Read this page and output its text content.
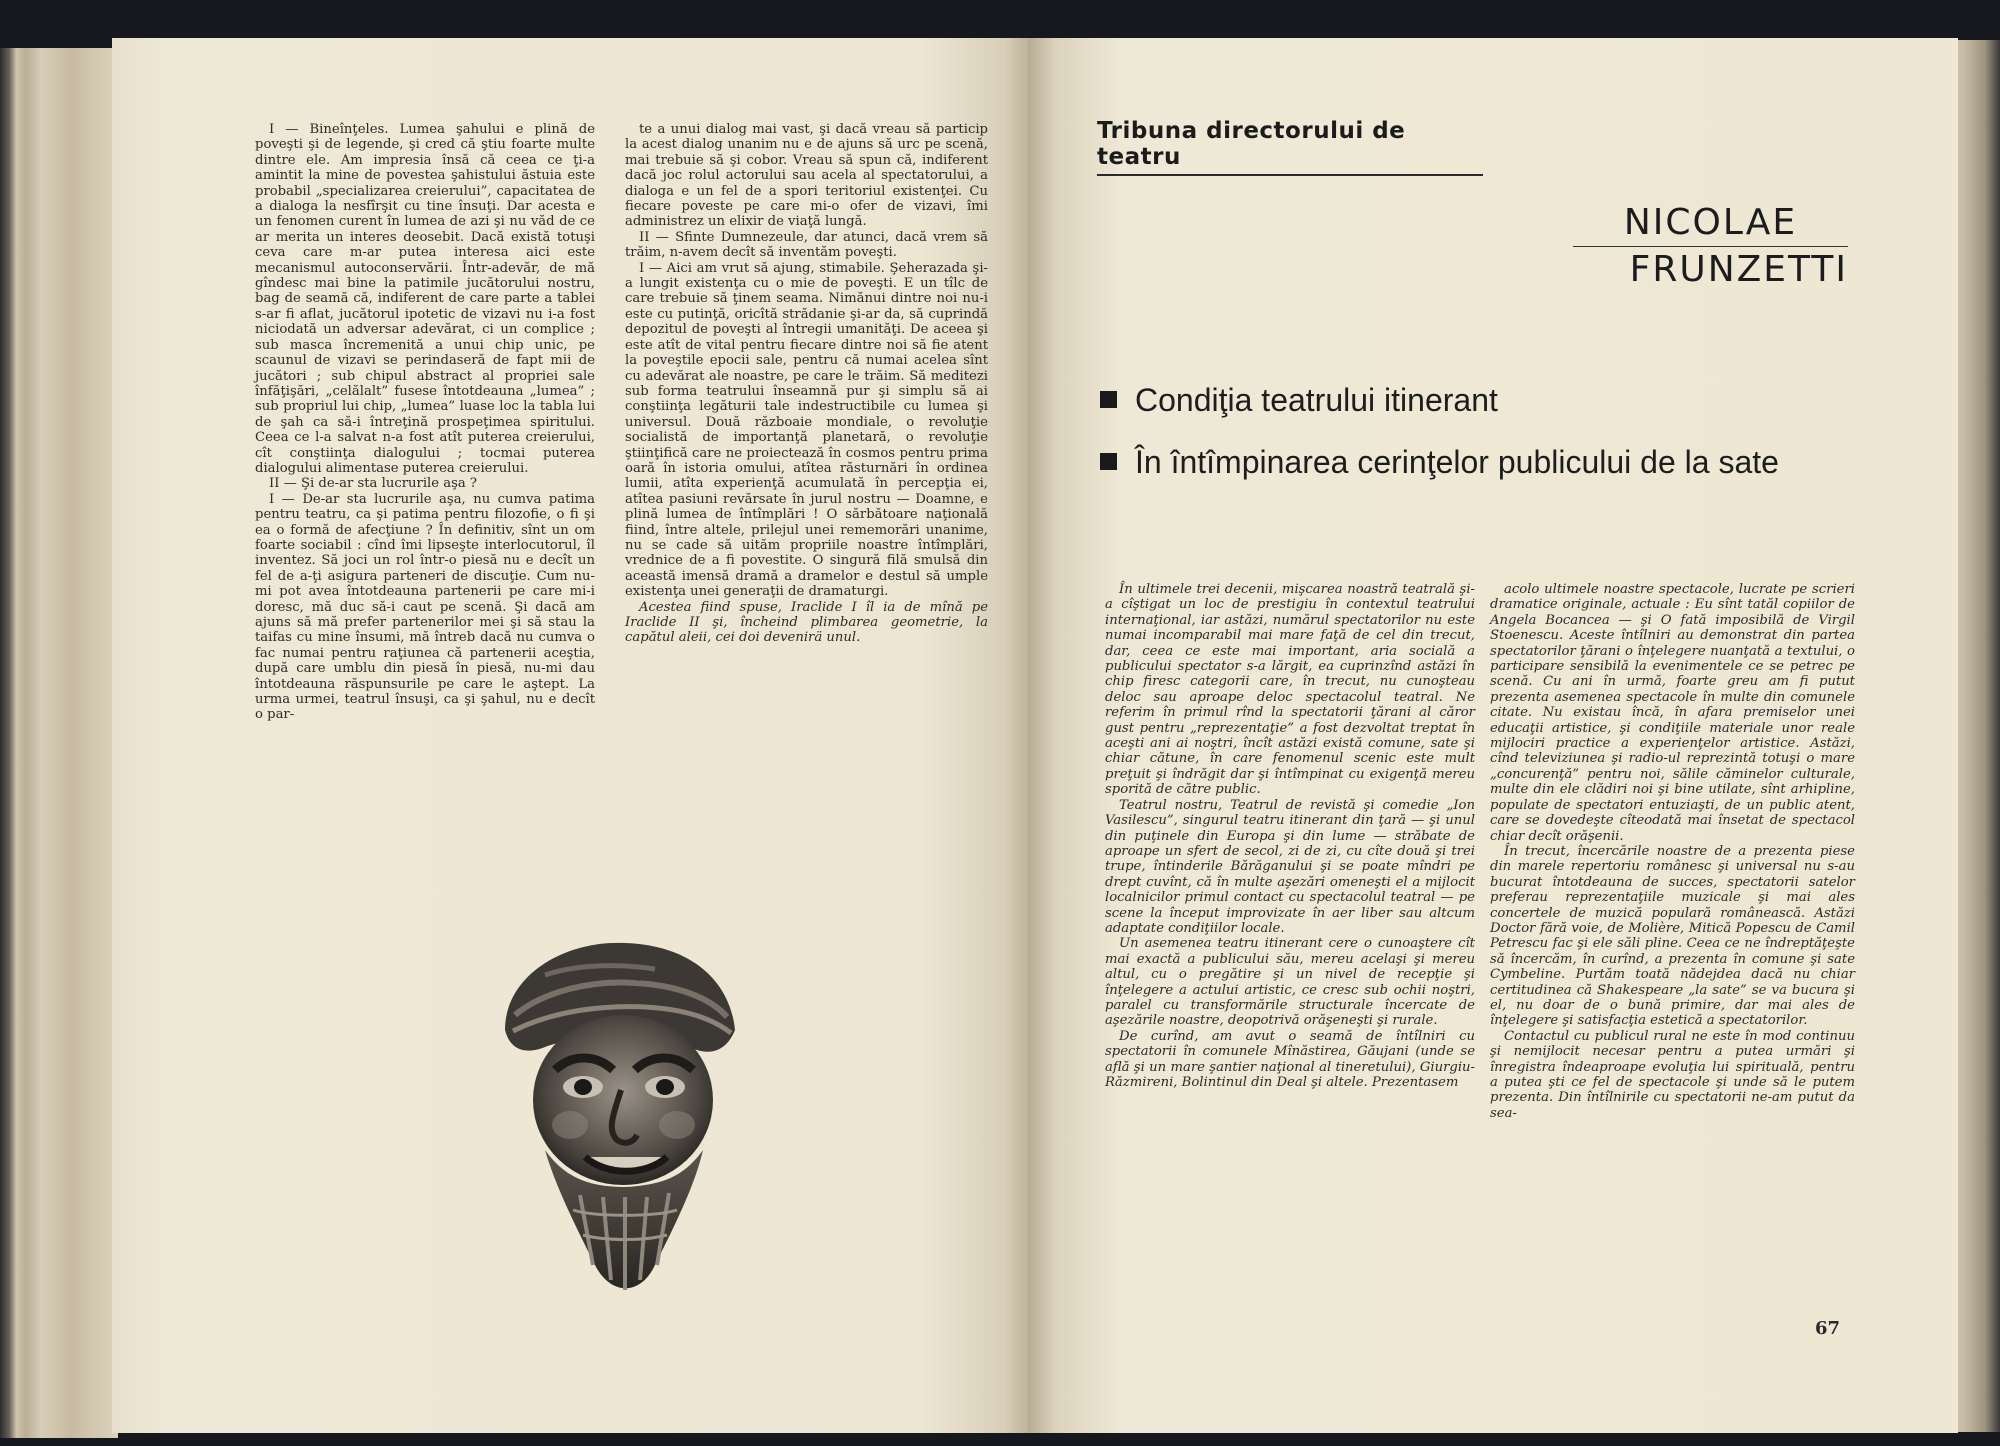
I — Bineînţeles. Lumea şahului e plină de poveşti şi de legende, şi cred că ştiu foarte multe dintre ele. Am impresia însă că ceea ce ţi-a amintit la mine de povestea şahistului ăstuia este probabil „specializarea creierului”, capacitatea de a dialoga la nesfîrşit cu tine însuţi. Dar acesta e un fenomen curent în lumea de azi şi nu văd de ce ar merita un interes deosebit. Dacă există totuşi ceva care m-ar putea interesa aici este mecanismul autoconservării. Într-adevăr, de mă gîndesc mai bine la patimile jucătorului nostru, bag de seamă că, indiferent de care parte a tablei s-ar fi aflat, jucătorul ipotetic de vizavi nu i-a fost niciodată un adversar adevărat, ci un complice ; sub masca încremenită a unui chip unic, pe scaunul de vizavi se perindaseră de fapt mii de jucători ; sub chipul abstract al propriei sale înfăţişări, „celălalt” fusese întotdeauna „lumea” ; sub propriul lui chip, „lumea” luase loc la tabla lui de şah ca să-i întreţină prospeţimea spiritului. Ceea ce l-a salvat n-a fost atît puterea creierului, cît conştiinţa dialogului ; tocmai puterea dialogului alimentase puterea creierului.

II — Şi de-ar sta lucrurile aşa ?

I — De-ar sta lucrurile aşa, nu cumva patima pentru teatru, ca şi patima pentru filozofie, o fi şi ea o formă de afecţiune ? În definitiv, sînt un om foarte sociabil : cînd îmi lipseşte interlocutorul, îl inventez. Să joci un rol într-o piesă nu e decît un fel de a-ţi asigura parteneri de discuţie. Cum nu-mi pot avea întotdeauna partenerii pe care mi-i doresc, mă duc să-i caut pe scenă. Şi dacă am ajuns să mă prefer partenerilor mei şi să stau la taifas cu mine însumi, mă întreb dacă nu cumva o fac numai pentru raţiunea că partenerii aceştia, după care umblu din piesă în piesă, nu-mi dau întotdeauna răspunsurile pe care le aştept. La urma urmei, teatrul însuşi, ca şi şahul, nu e decît o par-

te a unui dialog mai vast, şi dacă vreau să particip la acest dialog unanim nu e de ajuns să urc pe scenă, mai trebuie să şi cobor. Vreau să spun că, indiferent dacă joc rolul actorului sau acela al spectatorului, a dialoga e un fel de a spori teritoriul existenţei. Cu fiecare poveste pe care mi-o ofer de vizavi, îmi administrez un elixir de viaţă lungă.

II — Sfinte Dumnezeule, dar atunci, dacă vrem să trăim, n-avem decît să inventăm poveşti.

I — Aici am vrut să ajung, stimabile. Şeherazada şi-a lungit existenţa cu o mie de poveşti. E un tîlc de care trebuie să ţinem seama. Nimănui dintre noi nu-i este cu putinţă, oricîtă strădanie şi-ar da, să cuprindă depozitul de poveşti al întregii umanităţi. De aceea şi este atît de vital pentru fiecare dintre noi să fie atent la poveştile epocii sale, pentru că numai acelea sînt cu adevărat ale noastre, pe care le trăim. Să meditezi sub forma teatrului înseamnă pur şi simplu să ai conştiinţa legăturii tale indestructibile cu lumea şi universul. Două războaie mondiale, o revoluţie socialistă de importanţă planetară, o revoluţie ştiinţifică care ne proiectează în cosmos pentru prima oară în istoria omului, atîtea răsturnări în ordinea lumii, atîta experienţă acumulată în percepţia ei, atîtea pasiuni revărsate în jurul nostru — Doamne, e plină lumea de întîmplări ! O sărbătoare naţională fiind, între altele, prilejul unei rememorări unanime, nu se cade să uităm propriile noastre întîmplări, vrednice de a fi povestite. O singură filă smulsă din această imensă dramă a dramelor e destul să umple existenţa unei generaţii de dramaturgi.

Acestea fiind spuse, Iraclide I îl ia de mînă pe Iraclide II şi, încheind plimbarea geometrie, la capătul aleii, cei doi devenirä unul.

Tribuna directorului de teatru
NICOLAE
FRUNZETTI
Condiţia teatrului itinerant
În întîmpinarea cerinţelor publicului de la sate

În ultimele trei decenii, mişcarea noastră teatrală şi-a cîştigat un loc de prestigiu în contextul teatrului internaţional, iar astăzi, numărul spectatorilor nu este numai incomparabil mai mare faţă de cel din trecut, dar, ceea ce este mai important, aria socială a publicului spectator s-a lărgit, ea cuprinzînd astăzi în chip firesc categorii care, în trecut, nu cunoşteau deloc sau aproape deloc spectacolul teatral. Ne referim în primul rînd la spectatorii ţărani al căror gust pentru „reprezentaţie” a fost dezvoltat treptat în aceşti ani ai noştri, încît astăzi există comune, sate şi chiar cătune, în care fenomenul scenic este mult preţuit şi îndrăgit dar şi întîmpinat cu exigenţă mereu sporită de către public.

Teatrul nostru, Teatrul de revistă şi comedie „Ion Vasilescu”, singurul teatru itinerant din ţară — şi unul din puţinele din Europa şi din lume — străbate de aproape un sfert de secol, zi de zi, cu cîte două şi trei trupe, întinderile Bărăganului şi se poate mîndri pe drept cuvînt, că în multe aşezări omeneşti el a mijlocit localnicilor primul contact cu spectacolul teatral — pe scene la început improvizate în aer liber sau altcum adaptate condiţiilor locale.

Un asemenea teatru itinerant cere o cunoaştere cît mai exactă a publicului său, mereu acelaşi şi mereu altul, cu o pregătire şi un nivel de recepţie şi înţelegere a actului artistic, ce cresc sub ochii noştri, paralel cu transformările structurale încercate de aşezările noastre, deopotrivă orăşeneşti şi rurale.

De curînd, am avut o seamă de întîlniri cu spectatorii în comunele Mînăstirea, Găujani (unde se află şi un mare şantier naţional al tineretului), Giurgiu-Răzmireni, Bolintinul din Deal şi altele. Prezentasem

acolo ultimele noastre spectacole, lucrate pe scrieri dramatice originale, actuale : Eu sînt tatăl copiilor de Angela Bocancea — şi O fată imposibilă de Virgil Stoenescu. Aceste întîlniri au demonstrat din partea spectatorilor ţărani o înţelegere nuanţată a textului, o participare sensibilă la evenimentele ce se petrec pe scenă. Cu ani în urmă, foarte greu am fi putut prezenta asemenea spectacole în multe din comunele citate. Nu existau încă, în afara premiselor unei educaţii artistice, şi condiţiile materiale unor reale mijlociri practice a experienţelor artistice. Astăzi, cînd televiziunea şi radio-ul reprezintă totuşi o mare „concurenţă” pentru noi, sălile căminelor culturale, multe din ele clădiri noi şi bine utilate, sînt arhipline, populate de spectatori entuziaşti, de un public atent, care se dovedeşte cîteodată mai însetat de spectacol chiar decît orăşenii.

În trecut, încercările noastre de a prezenta piese din marele repertoriu românesc şi universal nu s-au bucurat întotdeauna de succes, spectatorii satelor preferau reprezentaţiile muzicale şi mai ales concertele de muzică populară românească. Astăzi Doctor fără voie, de Molière, Mitică Popescu de Camil Petrescu fac şi ele săli pline. Ceea ce ne îndreptăţeşte să încercăm, în curînd, a prezenta în comune şi sate Cymbeline. Purtăm toată nădejdea dacă nu chiar certitudinea că Shakespeare „la sate” se va bucura şi el, nu doar de o bună primire, dar mai ales de înţelegere şi satisfacţia estetică a spectatorilor.

Contactul cu publicul rural ne este în mod continuu şi nemijlocit necesar pentru a putea urmări şi înregistra îndeaproape evoluţia lui spirituală, pentru a putea şti ce fel de spectacole şi unde să le putem prezenta. Din întîlnirile cu spectatorii ne-am putut da sea-

67
